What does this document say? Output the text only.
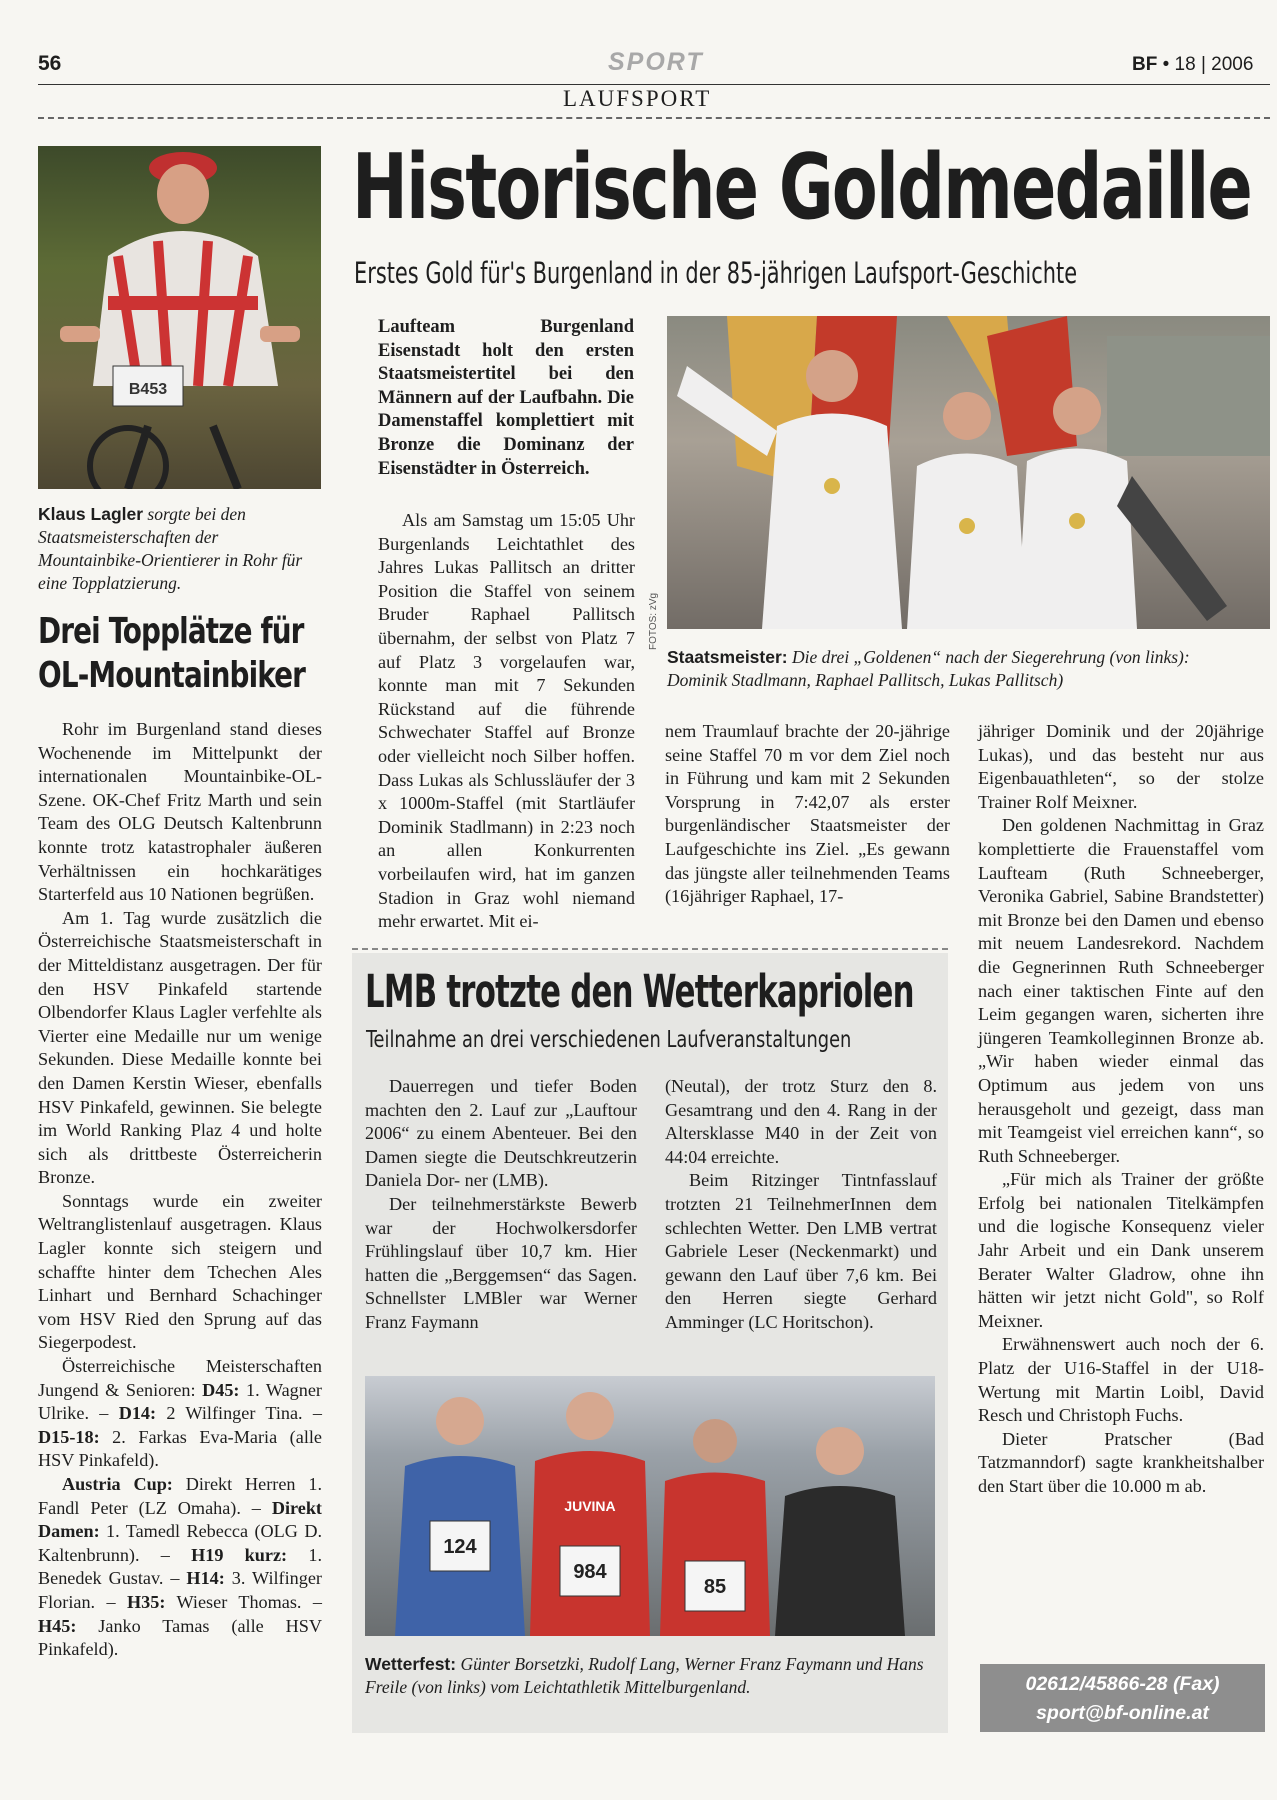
56	SPORT	BF • 18 | 2006
LAUFSPORT
B453
Klaus Lagler sorgte bei den Staatsmeisterschaften der Mountainbike-Orientierer in Rohr für eine Topplatzierung.
Drei Topplätze für OL-Mountainbiker

Rohr im Burgenland stand dieses Wochenende im Mittelpunkt der internationalen Mountainbike-OL-Szene. OK-Chef Fritz Marth und sein Team des OLG Deutsch Kaltenbrunn konnte trotz katastrophaler äußeren Verhältnissen ein hochkarätiges Starterfeld aus 10 Nationen begrüßen.

Am 1. Tag wurde zusätzlich die Österreichische Staatsmeisterschaft in der Mitteldistanz ausgetragen. Der für den HSV Pinkafeld startende Olbendorfer Klaus Lagler verfehlte als Vierter eine Medaille nur um wenige Sekunden. Diese Medaille konnte bei den Damen Kerstin Wieser, ebenfalls HSV Pinkafeld, gewinnen. Sie belegte im World Ranking Plaz 4 und holte sich als drittbeste Österreicherin Bronze.

Sonntags wurde ein zweiter Weltranglistenlauf ausgetragen. Klaus Lagler konnte sich steigern und schaffte hinter dem Tchechen Ales Linhart und Bernhard Schachinger vom HSV Ried den Sprung auf das Siegerpodest.

Österreichische Meisterschaften Jungend & Senioren: D45: 1. Wagner Ulrike. – D14: 2 Wilfinger Tina. – D15-18: 2. Farkas Eva-Maria (alle HSV Pinkafeld).

Austria Cup: Direkt Herren 1. Fandl Peter (LZ Omaha). – Direkt Damen: 1. Tamedl Rebecca (OLG D. Kaltenbrunn). – H19 kurz: 1. Benedek Gustav. – H14: 3. Wilfinger Florian. – H35: Wieser Thomas. – H45: Janko Tamas (alle HSV Pinkafeld).

Historische Goldmedaille
Erstes Gold für's Burgenland in der 85-jährigen Laufsport-Geschichte
Laufteam Burgenland Eisenstadt holt den ersten Staatsmeistertitel bei den Männern auf der Laufbahn. Die Damenstaffel komplettiert mit Bronze die Dominanz der Eisenstädter in Österreich.

Als am Samstag um 15:05 Uhr Burgenlands Leichtathlet des Jahres Lukas Pallitsch an dritter Position die Staffel von seinem Bruder Raphael Pallitsch übernahm, der selbst von Platz 7 auf Platz 3 vorgelaufen war, konnte man mit 7 Sekunden Rückstand auf die führende Schwechater Staffel auf Bronze oder vielleicht noch Silber hoffen. Dass Lukas als Schlussläufer der 3 x 1000m-Staffel (mit Startläufer Dominik Stadlmann) in 2:23 noch an allen Konkurrenten vorbeilaufen wird, hat im ganzen Stadion in Graz wohl niemand mehr erwartet. Mit ei-

FOTOS: zVg
Staatsmeister: Die drei „Goldenen“ nach der Siegerehrung (von links): Dominik Stadlmann, Raphael Pallitsch, Lukas Pallitsch)

nem Traumlauf brachte der 20-jährige seine Staffel 70 m vor dem Ziel noch in Führung und kam mit 2 Sekunden Vorsprung in 7:42,07 als erster burgenländischer Staatsmeister der Laufgeschichte ins Ziel. „Es gewann das jüngste aller teilnehmenden Teams (16jähriger Raphael, 17-

jähriger Dominik und der 20jährige Lukas), und das besteht nur aus Eigenbauathleten“, so der stolze Trainer Rolf Meixner.

Den goldenen Nachmittag in Graz komplettierte die Frauenstaffel vom Laufteam (Ruth Schneeberger, Veronika Gabriel, Sabine Brandstetter) mit Bronze bei den Damen und ebenso mit neuem Landesrekord. Nachdem die Gegnerinnen Ruth Schneeberger nach einer taktischen Finte auf den Leim gegangen waren, sicherten ihre jüngeren Teamkolleginnen Bronze ab. „Wir haben wieder einmal das Optimum aus jedem von uns herausgeholt und gezeigt, dass man mit Teamgeist viel erreichen kann“, so Ruth Schneeberger.

„Für mich als Trainer der größte Erfolg bei nationalen Titelkämpfen und die logische Konsequenz vieler Jahr Arbeit und ein Dank unserem Berater Walter Gladrow, ohne ihn hätten wir jetzt nicht Gold", so Rolf Meixner.

Erwähnenswert auch noch der 6. Platz der U16-Staffel in der U18-Wertung mit Martin Loibl, David Resch und Christoph Fuchs.

Dieter Pratscher (Bad Tatzmanndorf) sagte krankheitshalber den Start über die 10.000 m ab.

LMB trotzte den Wetterkapriolen
Teilnahme an drei verschiedenen Laufveranstaltungen

Dauerregen und tiefer Boden machten den 2. Lauf zur „Lauftour 2006“ zu einem Abenteuer. Bei den Damen siegte die Deutschkreutzerin Daniela Dor- ner (LMB).

Der teilnehmerstärkste Bewerb war der Hochwolkersdorfer Frühlingslauf über 10,7 km. Hier hatten die „Berggemsen“ das Sagen. Schnellster LMBler war Werner Franz Faymann

(Neutal), der trotz Sturz den 8. Gesamtrang und den 4. Rang in der Altersklasse M40 in der Zeit von 44:04 erreichte.

Beim Ritzinger Tintnfasslauf trotzten 21 TeilnehmerInnen dem schlechten Wetter. Den LMB vertrat Gabriele Leser (Neckenmarkt) und gewann den Lauf über 7,6 km. Bei den Herren siegte Gerhard Amminger (LC Horitschon).

124
JUVINA
984
85
Wetterfest: Günter Borsetzki, Rudolf Lang, Werner Franz Faymann und Hans Freile (von links) vom Leichtathletik Mittelburgenland.	02612/45866-28 (Fax)
sport@bf-online.at
